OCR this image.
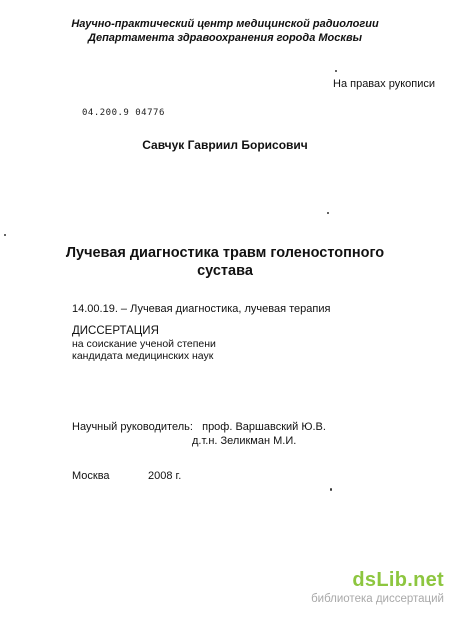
Научно-практический центр медицинской радиологии
Департамента здравоохранения города Москвы
На правах рукописи
04.200.9 04776
Савчук Гавриил Борисович
Лучевая диагностика травм голеностопного
сустава
14.00.19. – Лучевая диагностика, лучевая терапия
ДИССЕРТАЦИЯ
на соискание ученой степени
кандидата медицинских наук
Научный руководитель: проф. Варшавский Ю.В.
д.т.н. Зеликман М.И.
Москва	2008 г.
dsLib.net
библиотека диссертаций
